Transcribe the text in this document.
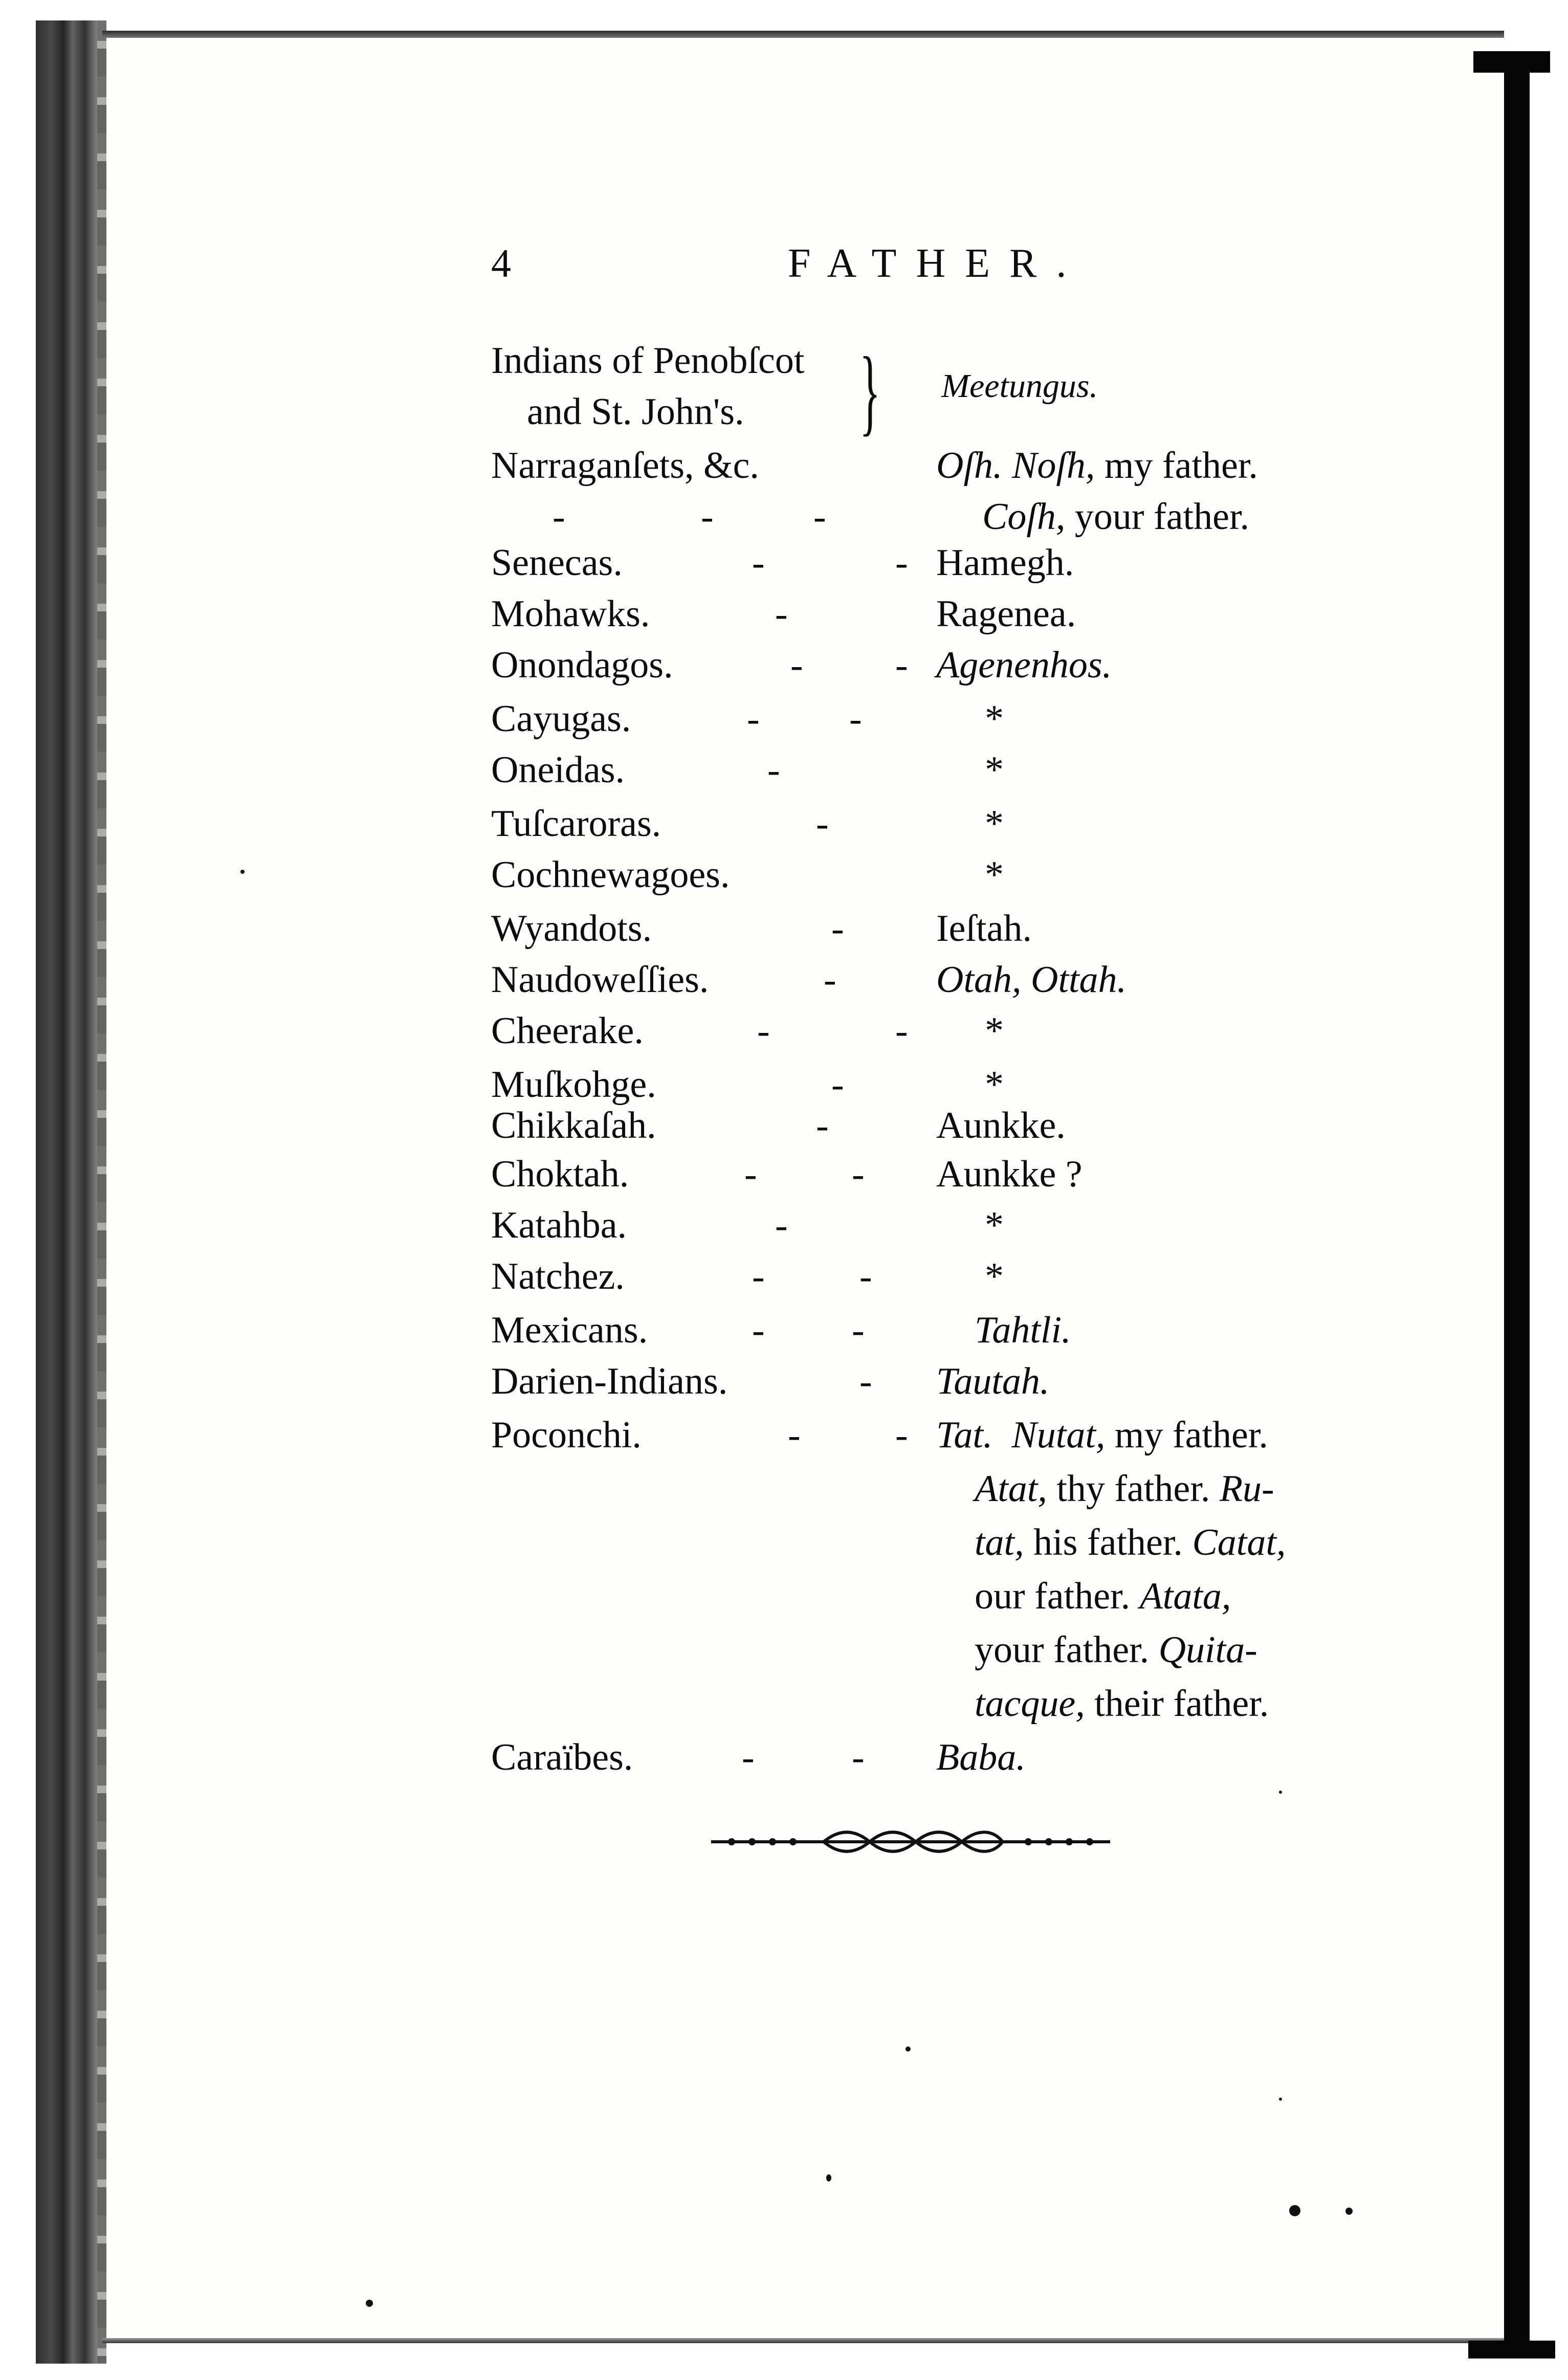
4	FATHER.
Indians of Penobſcot
and St. John's. } Meetungus.
Narraganſets, &c.	Oſh. Noſh, my father.
-	-	-	Coſh, your father.
Senecas.	-	- Hamegh.
Mohawks.	-	Ragenea.
Onondagos.	- - Agenenhos.
Cayugas.	- -	*
Oneidas.	-	*
Tuſcaroras.	-	*
Cochnewagoes.	*
Wyandots.	- Ieſtah.
Naudoweſſies.	-	Otah, Ottah.
Cheerake.	-	- *
Muſkohge.	-	*
Chikkaſah.	-	Aunkke.
Choktah.	-	- Aunkke ?
Katahba.	-	*
Natchez.	-	-	*
Mexicans.	- -	Tahtli.
Darien-Indians.	- Tautah.
Poconchi.	-	- Tat. Nutat, my father.
Atat, thy father. Ru-
tat, his father. Catat,
our father. Atata,
your father. Quita-
tacque, their father.
Caraïbes.	-	- Baba.
